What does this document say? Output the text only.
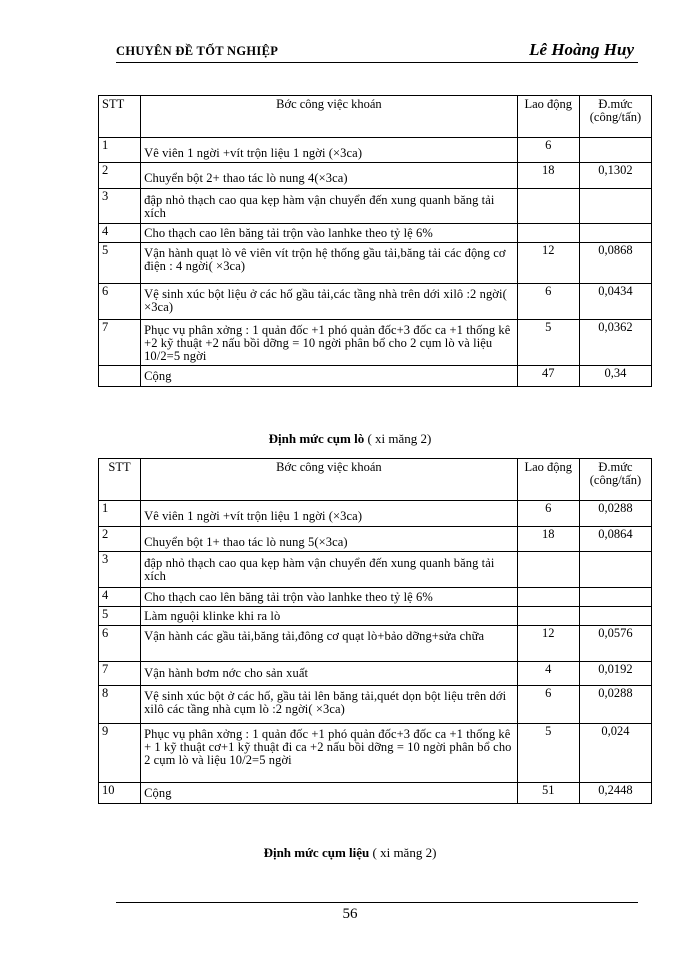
CHUYÊN ĐỀ TỐT NGHIỆP	Lê Hoàng Huy
STT	Bớc công việc khoán	Lao động	Đ.mức (công/tấn)
1	Vê viên 1 ngời +vít trộn liệu 1 ngời (×3ca)	6	
2	Chuyển bột 2+ thao tác lò nung 4(×3ca)	18	0,1302
3	đập nhỏ thạch cao qua kẹp hàm vận chuyển đến xung quanh băng tải xích		
4	Cho thạch cao lên băng tải trộn vào lanhke theo tỷ lệ 6%		
5	Vận hành quạt lò vê viên vít trộn hệ thống gầu tải,băng tải các động cơ điện : 4 ngời( ×3ca)	12	0,0868
6	Vệ sinh xúc bột liệu ở các hố gầu tải,các tầng nhà trên dới xilô :2 ngời( ×3ca)	6	0,0434
7	Phục vụ phân xởng : 1 quản đốc +1 phó quản đốc+3 đốc ca +1 thống kê +2 kỹ thuật +2 nấu bồi dỡng = 10 ngời phân bổ cho 2 cụm lò và liệu 10/2=5 ngời	5	0,0362
	Cộng	47	0,34
Định mức cụm lò ( xi măng 2)
STT	Bớc công việc khoán	Lao động	Đ.mức (công/tấn)
1	Vê viên 1 ngời +vít trộn liệu 1 ngời (×3ca)	6	0,0288
2	Chuyển bột 1+ thao tác lò nung 5(×3ca)	18	0,0864
3	đập nhỏ thạch cao qua kẹp hàm vận chuyển đến xung quanh băng tải xích		
4	Cho thạch cao lên băng tải trộn vào lanhke theo tỷ lệ 6%		
5	Làm nguội klinke khi ra lò		
6	Vận hành các gầu tải,băng tải,đông cơ quạt lò+bảo dỡng+sửa chữa	12	0,0576
7	Vận hành bơm nớc cho sản xuất	4	0,0192
8	Vệ sinh xúc bột ở các hố, gầu tải lên băng tải,quét dọn bột liệu trên dới xilô các tầng nhà cụm lò :2 ngời( ×3ca)	6	0,0288
9	Phục vụ phân xởng : 1 quản đốc +1 phó quản đốc+3 đốc ca +1 thống kê + 1 kỹ thuật cơ+1 kỹ thuật đi ca +2 nấu bồi dỡng = 10 ngời phân bổ cho 2 cụm lò và liệu 10/2=5 ngời	5	0,024
10	Cộng	51	0,2448
Định mức cụm liệu ( xi măng 2)
56
